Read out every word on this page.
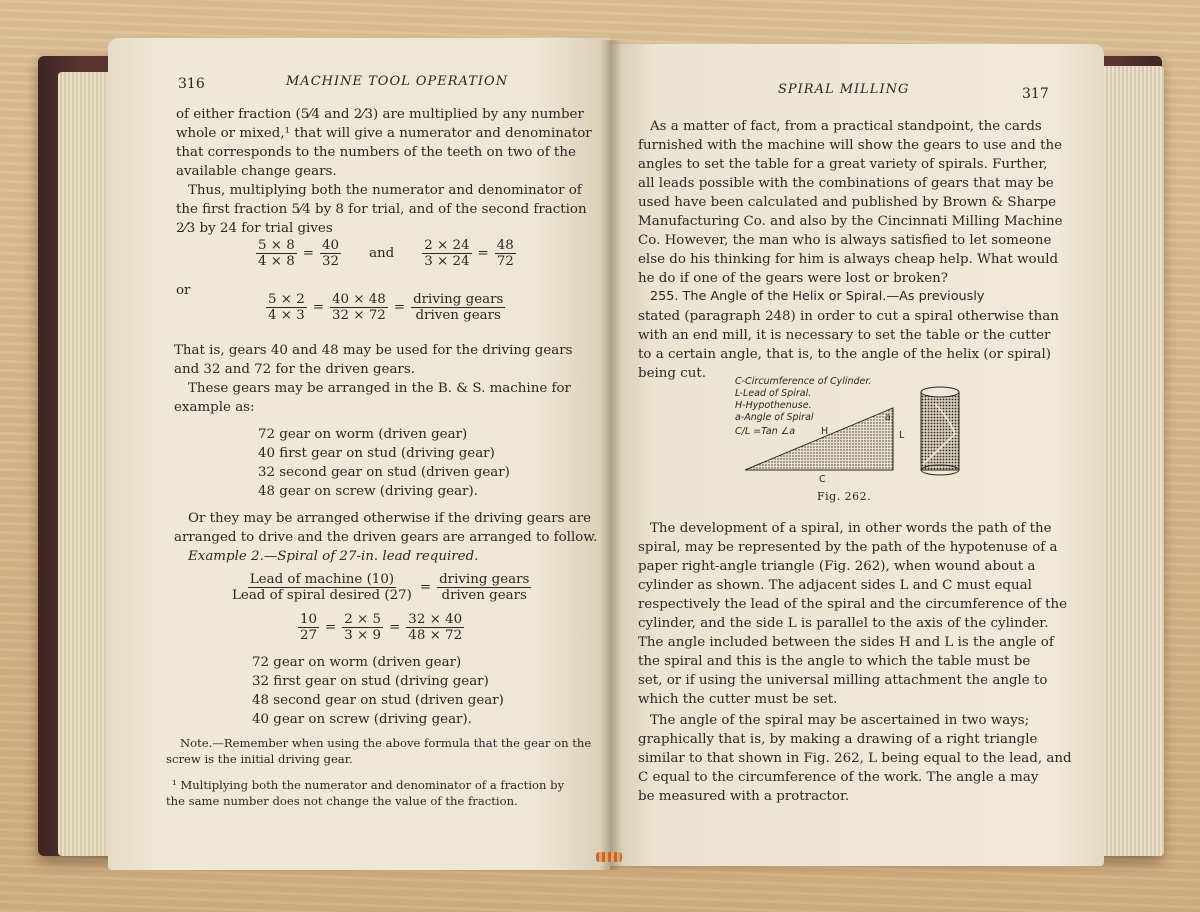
316	MACHINE TOOL OPERATION
of either fraction (5⁄4 and 2⁄3) are multiplied by any number
whole or mixed,¹ that will give a numerator and denominator
that corresponds to the numbers of the teeth on two of the
available change gears.
Thus, multiplying both the numerator and denominator of
the first fraction 5⁄4 by 8 for trial, and of the second fraction
2⁄3 by 24 for trial gives
$\frac{5 \times 8}{4 \times 8} = \frac{40}{32}$ and $\frac{2 \times 24}{3 \times 24} = \frac{48}{72}$
or
$\frac{5 \times 2}{4 \times 3} = \frac{40 \times 48}{32 \times 72} = \frac{\text{driving gears}}{\text{driven gears}}$
That is, gears 40 and 48 may be used for the driving gears
and 32 and 72 for the driven gears.
These gears may be arranged in the B. & S. machine for
example as:
72 gear on worm (driven gear)
40 first gear on stud (driving gear)
32 second gear on stud (driven gear)
48 gear on screw (driving gear).
Or they may be arranged otherwise if the driving gears are
arranged to drive and the driven gears are arranged to follow.
Example 2.—Spiral of 27-in. lead required.
$\frac{\text{Lead of machine (10)}}{\text{Lead of spiral desired (27)}} = \frac{\text{driving gears}}{\text{driven gears}}$
$\frac{10}{27} = \frac{2 \times 5}{3 \times 9} = \frac{32 \times 40}{48 \times 72}$
72 gear on worm (driven gear)
32 first gear on stud (driving gear)
48 second gear on stud (driven gear)
40 gear on screw (driving gear).
Note.—Remember when using the above formula that the gear on the
screw is the initial driving gear.
¹ Multiplying both the numerator and denominator of a fraction by
the same number does not change the value of the fraction.
SPIRAL MILLING	317
As a matter of fact, from a practical standpoint, the cards
furnished with the machine will show the gears to use and the
angles to set the table for a great variety of spirals. Further,
all leads possible with the combinations of gears that may be
used have been calculated and published by Brown & Sharpe
Manufacturing Co. and also by the Cincinnati Milling Machine
Co. However, the man who is always satisfied to let someone
else do his thinking for him is always cheap help. What would
he do if one of the gears were lost or broken?
255. The Angle of the Helix or Spiral.—As previously
stated (paragraph 248) in order to cut a spiral otherwise than
with an end mill, it is necessary to set the table or the cutter
to a certain angle, that is, to the angle of the helix (or spiral)
being cut.
C-Circumference of Cylinder.
L-Lead of Spiral.
H-Hypothenuse.
a-Angle of Spiral
C/L =Tan ∠a	H	L
C
a
Fig. 262.
The development of a spiral, in other words the path of the
spiral, may be represented by the path of the hypotenuse of a
paper right-angle triangle (Fig. 262), when wound about a
cylinder as shown. The adjacent sides L and C must equal
respectively the lead of the spiral and the circumference of the
cylinder, and the side L is parallel to the axis of the cylinder.
The angle included between the sides H and L is the angle of
the spiral and this is the angle to which the table must be
set, or if using the universal milling attachment the angle to
which the cutter must be set.
The angle of the spiral may be ascertained in two ways;
graphically that is, by making a drawing of a right triangle
similar to that shown in Fig. 262, L being equal to the lead, and
C equal to the circumference of the work. The angle a may
be measured with a protractor.
